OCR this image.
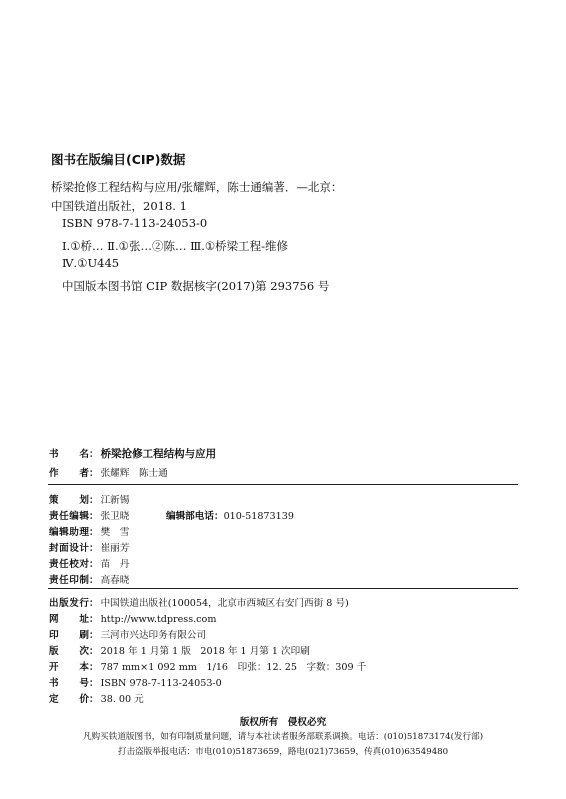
图书在版编目(CIP)数据
桥梁抢修工程结构与应用/张耀辉，陈士通编著．—北京：
中国铁道出版社，2018. 1
ISBN 978-7-113-24053-0
Ⅰ.①桥… Ⅱ.①张…②陈… Ⅲ.①桥梁工程-维修
Ⅳ.①U445
中国版本图书馆 CIP 数据核字(2017)第 293756 号
书名： 桥梁抢修工程结构与应用
作者： 张耀辉　陈士通
策划： 江新锡
责任编辑： 张卫晓	编辑部电话：010-51873139
编辑助理： 樊　雪
封面设计： 崔丽芳
责任校对： 苗　丹
责任印制： 高春晓
出版发行： 中国铁道出版社(100054，北京市西城区右安门西街 8 号)
网址： http://www.tdpress.com
印刷： 三河市兴达印务有限公司
版次： 2018 年 1 月第 1 版　2018 年 1 月第 1 次印刷
开本： 787 mm×1 092 mm　1/16　印张：12. 25　字数：309 千
书号： ISBN 978-7-113-24053-0
定价： 38. 00 元
版权所有　侵权必究
凡购买铁道版图书，如有印制质量问题，请与本社读者服务部联系调换。电话：(010)51873174(发行部)
打击盗版举报电话：市电(010)51873659，路电(021)73659，传真(010)63549480
